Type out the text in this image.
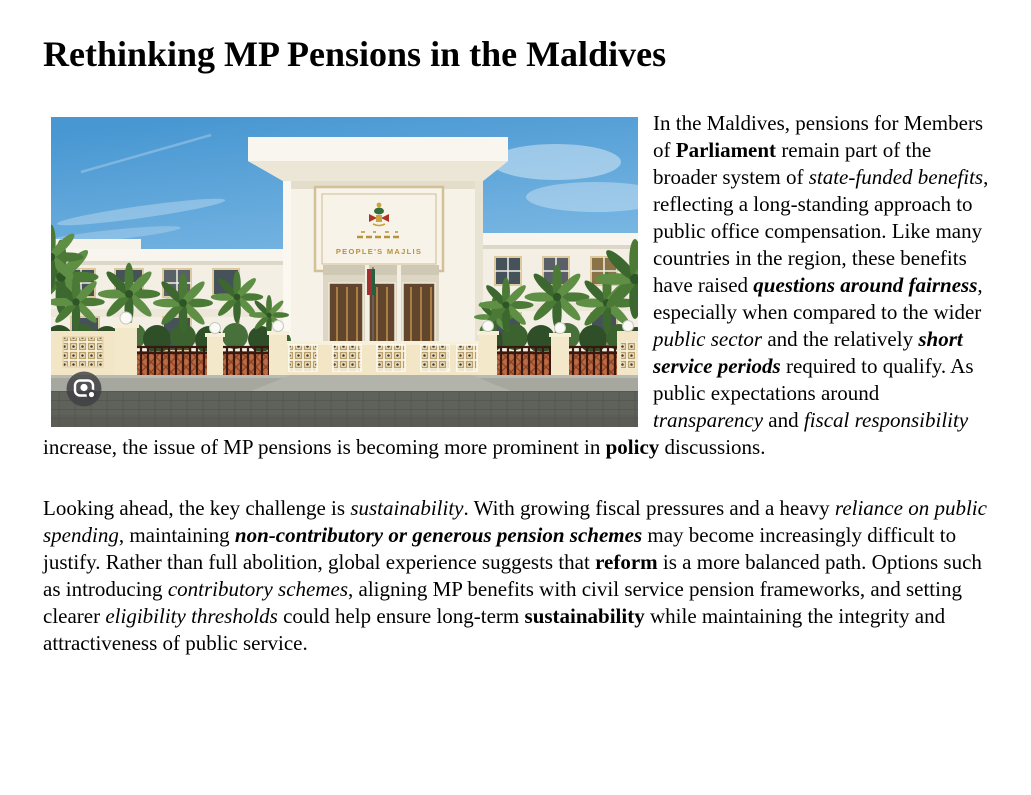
Rethinking MP Pensions in the Maldives
PEOPLE'S MAJLIS

In the Maldives, pensions for Members of Parliament remain part of the broader system of state-funded benefits, reflecting a long-standing approach to public office compensation. Like many countries in the region, these benefits have raised questions around fairness, especially when compared to the wider public sector and the relatively short service periods required to qualify. As public expectations around transparency and fiscal responsibility increase, the issue of MP pensions is becoming more prominent in policy discussions.

Looking ahead, the key challenge is sustainability. With growing fiscal pressures and a heavy reliance on public spending, maintaining non-contributory or generous pension schemes may become increasingly difficult to justify. Rather than full abolition, global experience suggests that reform is a more balanced path. Options such as introducing contributory schemes, aligning MP benefits with civil service pension frameworks, and setting clearer eligibility thresholds could help ensure long-term sustainability while maintaining the integrity and attractiveness of public service.
